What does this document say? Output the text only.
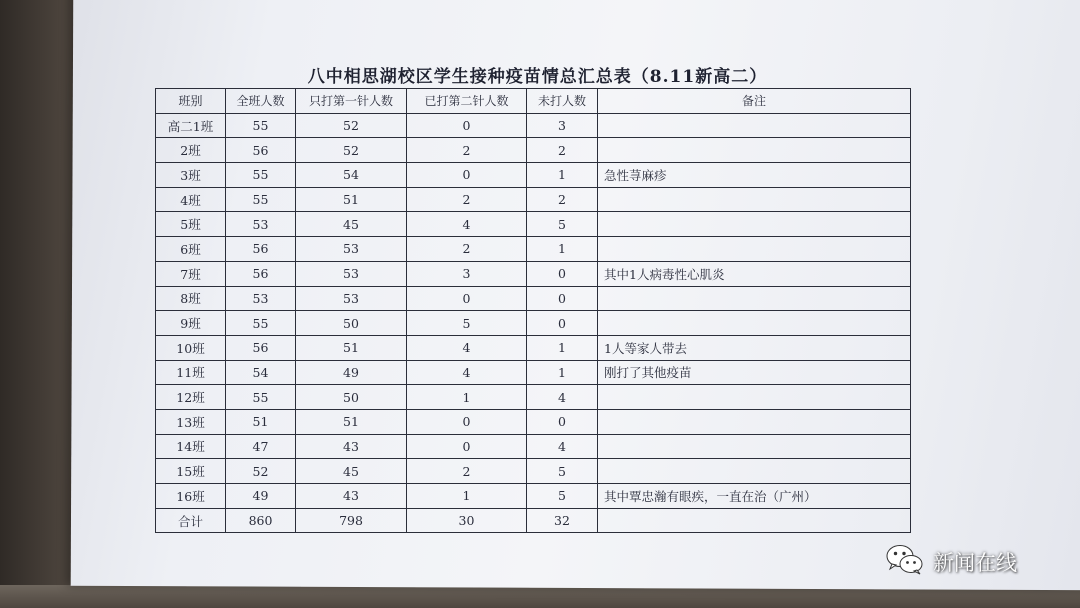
八中相思湖校区学生接种疫苗情总汇总表（8.11新高二）
班别	全班人数	只打第一针人数	已打第二针人数	未打人数	备注
高二1班	55	52	0	3	
2班	56	52	2	2	
3班	55	54	0	1	急性荨麻疹
4班	55	51	2	2	
5班	53	45	4	5	
6班	56	53	2	1	
7班	56	53	3	0	其中1人病毒性心肌炎
8班	53	53	0	0	
9班	55	50	5	0	
10班	56	51	4	1	1人等家人带去
11班	54	49	4	1	刚打了其他疫苗
12班	55	50	1	4	
13班	51	51	0	0	
14班	47	43	0	4	
15班	52	45	2	5	
16班	49	43	1	5	其中覃忠瀚有眼疾，一直在治（广州）
合计	860	798	30	32	
新闻在线
